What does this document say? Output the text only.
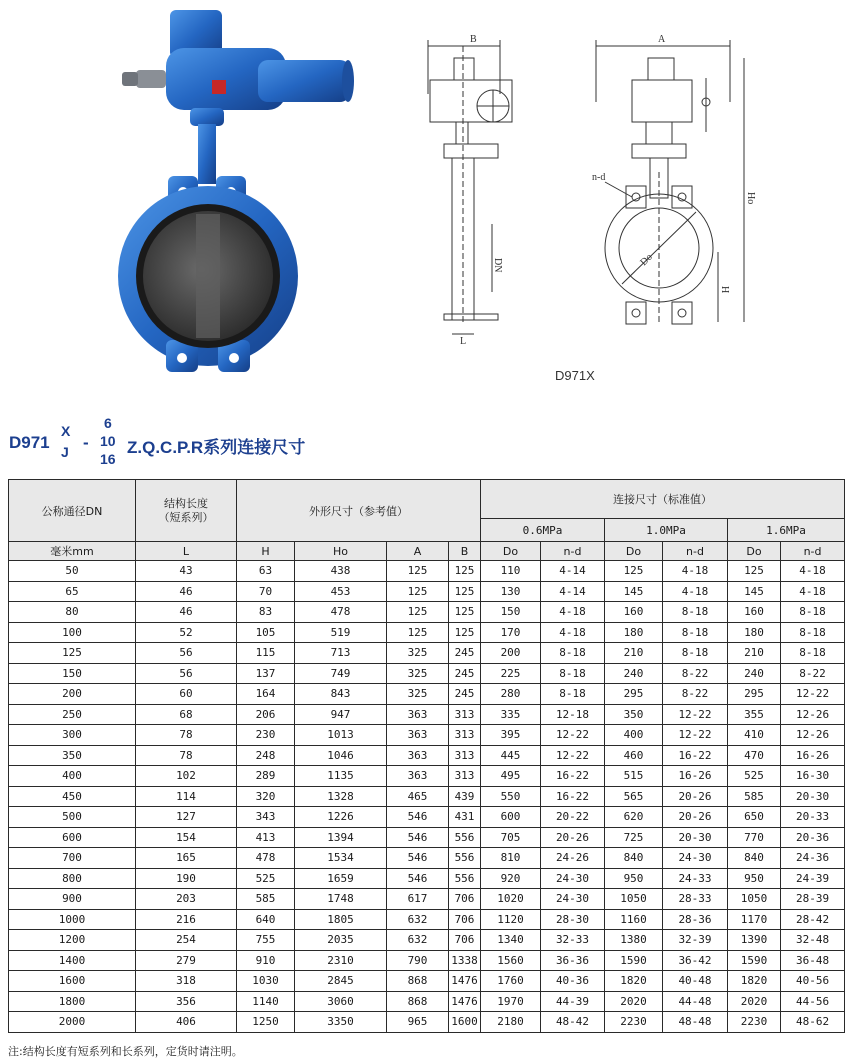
B	A
L
DN
n-d
Ho
Do
H
D971X
D971
X
J -
6
10
16
Z.Q.C.P.R系列连接尺寸
公称通径DN	结构长度
（短系列）	外形尺寸（参考值）				连接尺寸（标准值）					
						0.6MPa		1.0MPa		1.6MPa	
毫米mm	L	H	Ho	A	B	Do	n-d	Do	n-d	Do	n-d
50	43	63	438	125	125	110	4-14	125	4-18	125	4-18
65	46	70	453	125	125	130	4-14	145	4-18	145	4-18
80	46	83	478	125	125	150	4-18	160	8-18	160	8-18
100	52	105	519	125	125	170	4-18	180	8-18	180	8-18
125	56	115	713	325	245	200	8-18	210	8-18	210	8-18
150	56	137	749	325	245	225	8-18	240	8-22	240	8-22
200	60	164	843	325	245	280	8-18	295	8-22	295	12-22
250	68	206	947	363	313	335	12-18	350	12-22	355	12-26
300	78	230	1013	363	313	395	12-22	400	12-22	410	12-26
350	78	248	1046	363	313	445	12-22	460	16-22	470	16-26
400	102	289	1135	363	313	495	16-22	515	16-26	525	16-30
450	114	320	1328	465	439	550	16-22	565	20-26	585	20-30
500	127	343	1226	546	431	600	20-22	620	20-26	650	20-33
600	154	413	1394	546	556	705	20-26	725	20-30	770	20-36
700	165	478	1534	546	556	810	24-26	840	24-30	840	24-36
800	190	525	1659	546	556	920	24-30	950	24-33	950	24-39
900	203	585	1748	617	706	1020	24-30	1050	28-33	1050	28-39
1000	216	640	1805	632	706	1120	28-30	1160	28-36	1170	28-42
1200	254	755	2035	632	706	1340	32-33	1380	32-39	1390	32-48
1400	279	910	2310	790	1338	1560	36-36	1590	36-42	1590	36-48
1600	318	1030	2845	868	1476	1760	40-36	1820	40-48	1820	40-56
1800	356	1140	3060	868	1476	1970	44-39	2020	44-48	2020	44-56
2000	406	1250	3350	965	1600	2180	48-42	2230	48-48	2230	48-62
注:结构长度有短系列和长系列，定货时请注明。
